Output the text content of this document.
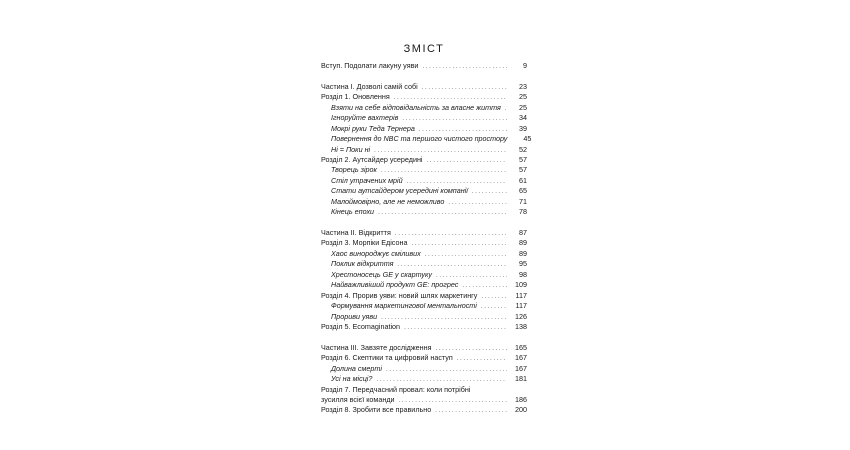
ЗМІСТ
Вступ. Подолати лакуну уяви . . .	9
Частина І. Дозволі самій собі . . .	23
Розділ 1. Оновлення . . .	25
Взяти на себе відповідальність за власне життя . . .	25
Ігноруйте вахтерів . . .	34
Мокрі руки Теда Тернера . . .	39
Повернення до NBC та першого чистого простору	45
Ні = Поки ні . . .	52
Розділ 2. Аутсайдер усередині . . .	57
Творець зірок . . .	57
Стіл утрачених мрій . . .	61
Стати аутсайдером усередині компанії . . .	65
Малоймовірно, але не неможливо . . .	71
Кінець епохи . . .	78
Частина II. Відкриття . . .	87
Розділ 3. Морпіки Едісона . . .	89
Хаос винороджує сміливих . . .	89
Поклик відкриття . . .	95
Хрестоносець GE у скартуку . . .	98
Найважливіший продукт GE: прогрес . . .	109
Розділ 4. Прорив уяви: новий шлях маркетингу . . .	117
Формування маркетингової ментальності . . .	117
Прориви уяви . . .	126
Розділ 5. Ecomagination . . .	138
Частина III. Завзяте дослідження . . .	165
Розділ 6. Скептики та цифровий наступ . . .	167
Долина смерті . . .	167
Усі на місці? . . .	181
Розділ 7. Передчасний провал: коли потрібні
зусилля всієї команди . . .	186
Розділ 8. Зробити все правильно . . .	200
